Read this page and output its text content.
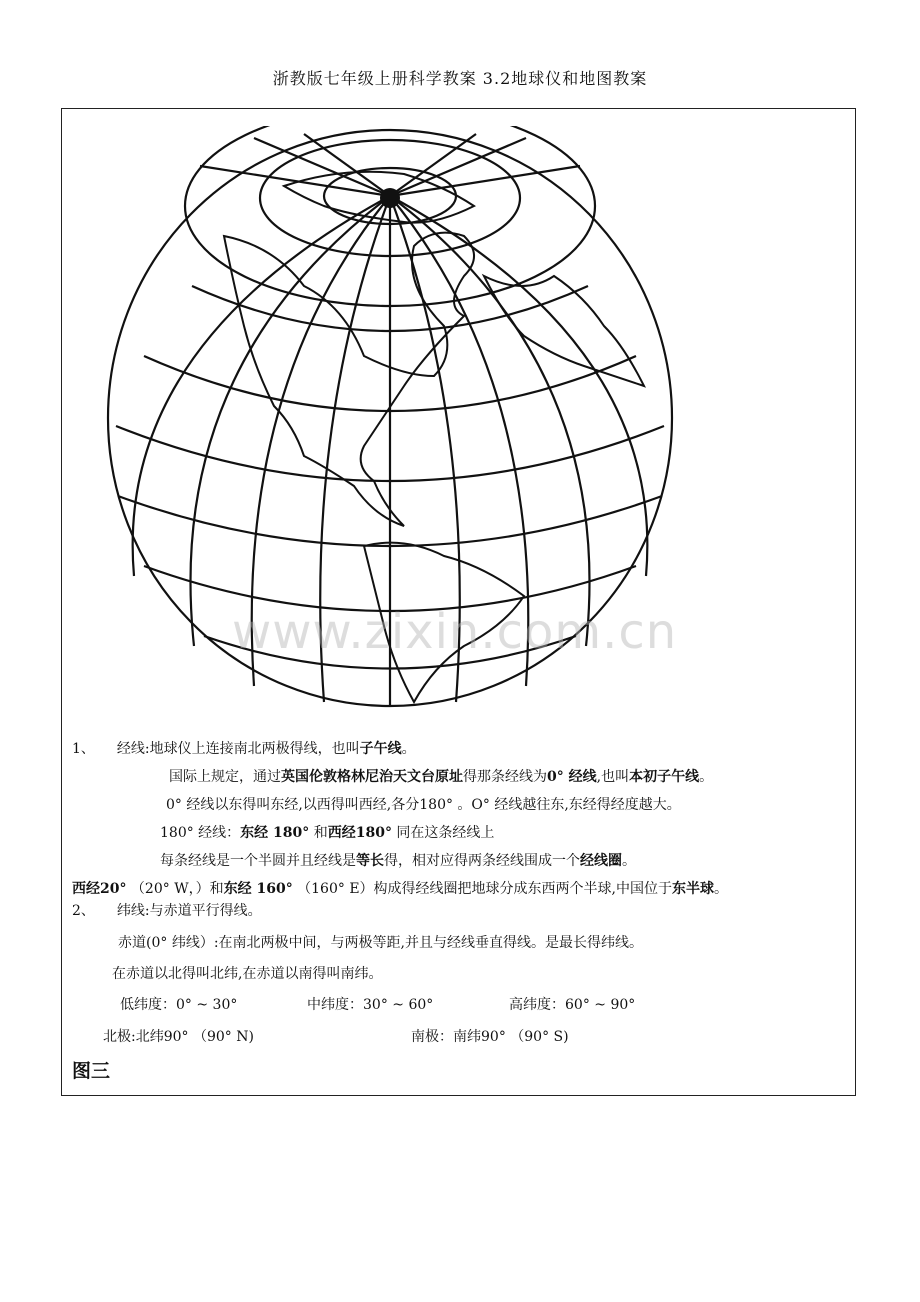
浙教版七年级上册科学教案 3.2地球仪和地图教案
www.zixin.com.cn
1、 经线:地球仪上连接南北两极得线，也叫子午线。
国际上规定，通过英国伦敦格林尼治天文台原址得那条经线为0° 经线,也叫本初子午线。
0° 经线以东得叫东经,以西得叫西经,各分180° 。O° 经线越往东,东经得经度越大。
180° 经线：东经 180° 和西经180° 同在这条经线上
每条经线是一个半圆并且经线是等长得，相对应得两条经线围成一个经线圈。
西经20° （20° W，）和东经 160° （160° E）构成得经线圈把地球分成东西两个半球,中国位于东半球。
2、 纬线:与赤道平行得线。
赤道(0° 纬线）:在南北两极中间，与两极等距,并且与经线垂直得线。是最长得纬线。
在赤道以北得叫北纬,在赤道以南得叫南纬。
低纬度：0° ~ 30°	中纬度：30° ~ 60°	高纬度：60° ~ 90°
北极:北纬90° （90° N)	南极：南纬90° （90° S)
图三
